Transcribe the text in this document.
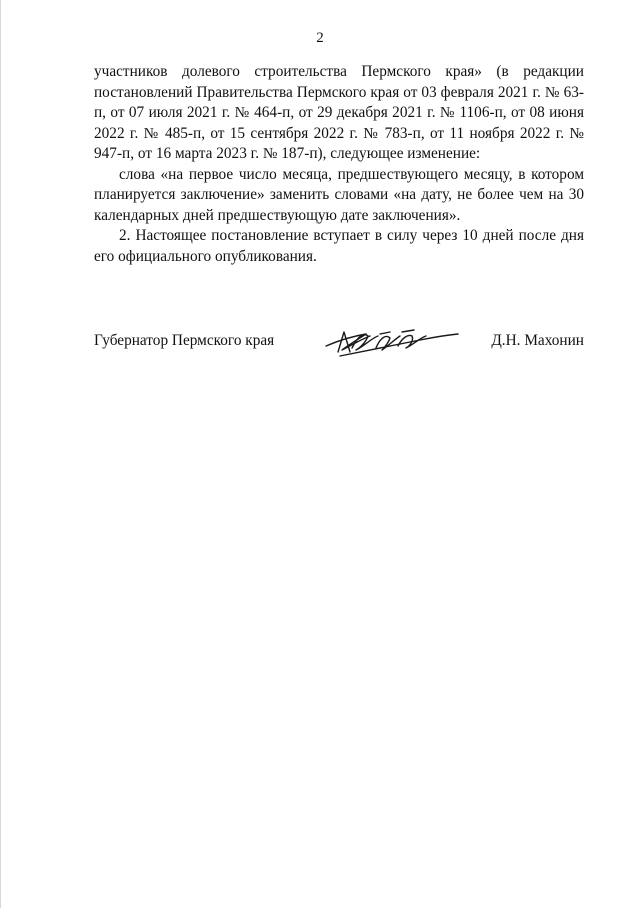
2

участников долевого строительства Пермского края» (в редакции постановлений Правительства Пермского края от 03 февраля 2021 г. № 63-п, от 07 июля 2021 г. № 464-п, от 29 декабря 2021 г. № 1106-п, от 08 июня 2022 г. № 485-п, от 15 сентября 2022 г. № 783-п, от 11 ноября 2022 г. № 947-п, от 16 марта 2023 г. № 187-п), следующее изменение:

слова «на первое число месяца, предшествующего месяцу, в котором планируется заключение» заменить словами «на дату, не более чем на 30 календарных дней предшествующую дате заключения».

2. Настоящее постановление вступает в силу через 10 дней после дня его официального опубликования.

Губернатор Пермского края	Д.Н. Махонин
